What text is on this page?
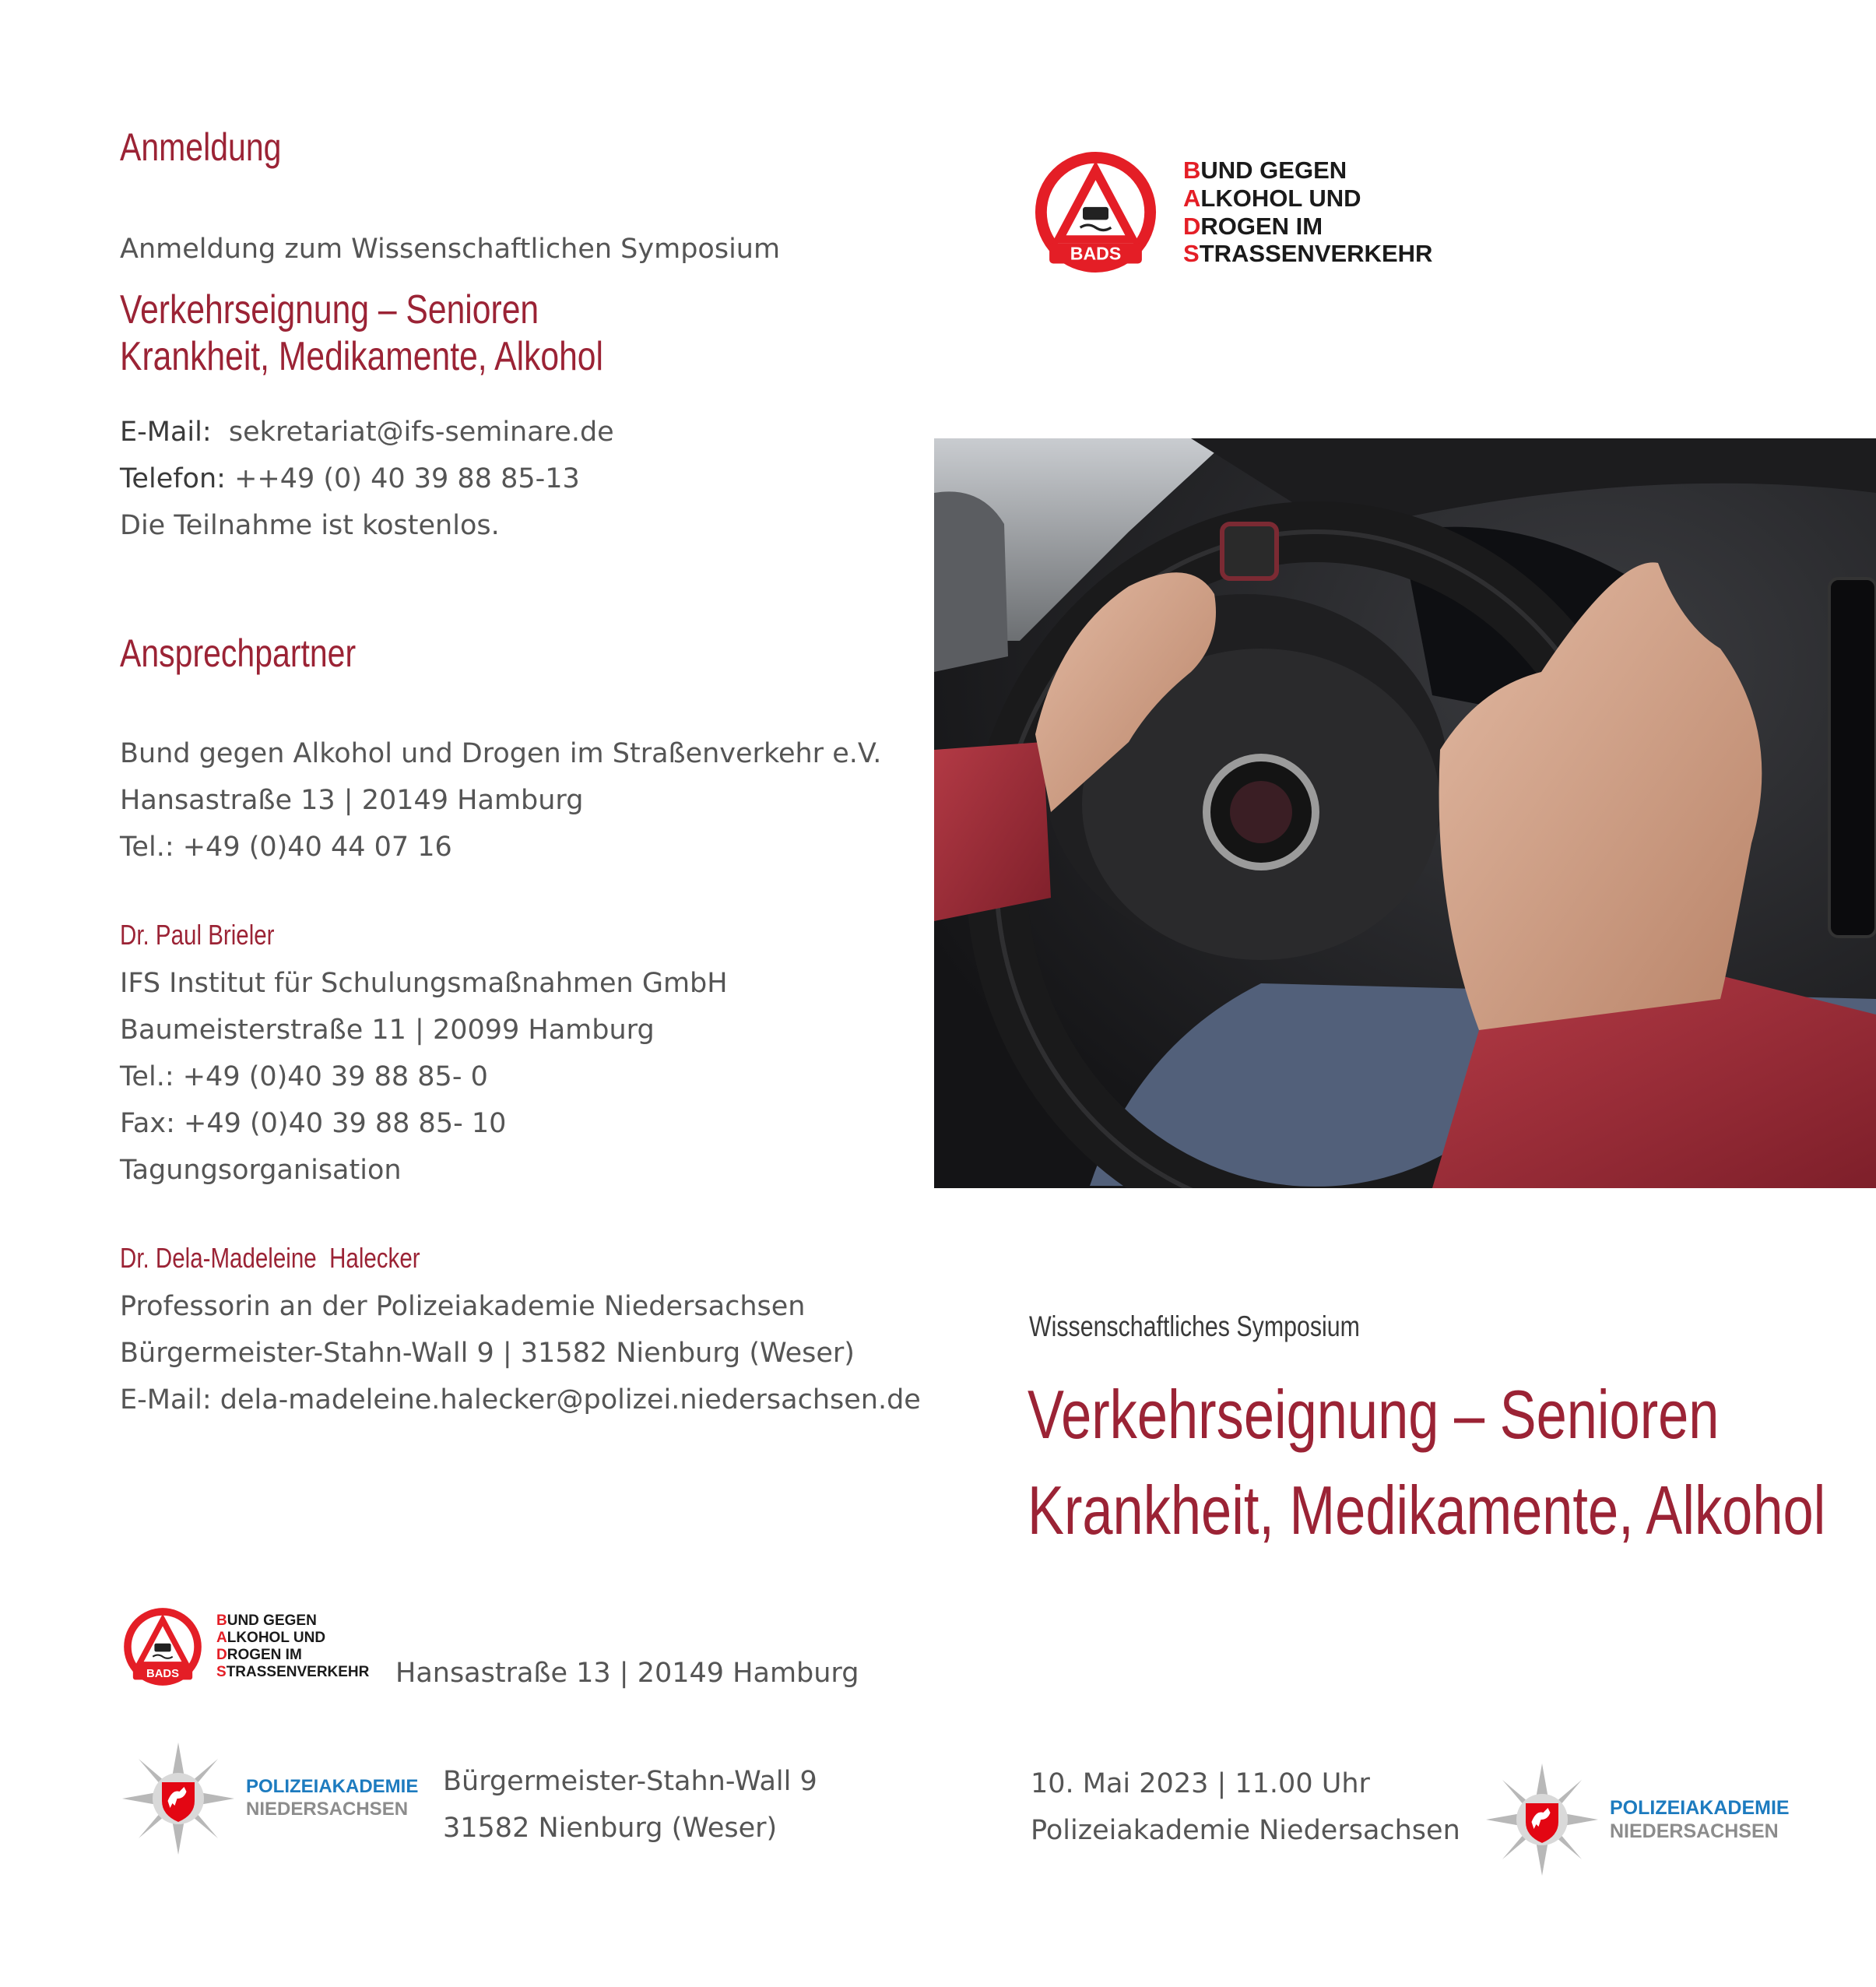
Anmeldung
Anmeldung zum Wissenschaftlichen Symposium
Verkehrseignung – Senioren
Krankheit, Medikamente, Alkohol
E-Mail: sekretariat@ifs-seminare.de
Telefon: ++49 (0) 40 39 88 85-13
Die Teilnahme ist kostenlos.
Ansprechpartner
Bund gegen Alkohol und Drogen im Straßenverkehr e.V.
Hansastraße 13 | 20149 Hamburg
Tel.: +49 (0)40 44 07 16
Dr. Paul Brieler
IFS Institut für Schulungsmaßnahmen GmbH
Baumeisterstraße 11 | 20099 Hamburg
Tel.: +49 (0)40 39 88 85- 0
Fax: +49 (0)40 39 88 85- 10
Tagungsorganisation
Dr. Dela-Madeleine  Halecker
Professorin an der Polizeiakademie Niedersachsen
Bürgermeister-Stahn-Wall 9 | 31582 Nienburg (Weser)
E-Mail: dela-madeleine.halecker@polizei.niedersachsen.de
BADS
BUND GEGEN
ALKOHOL UND
DROGEN IM
STRASSENVERKEHR Hansastraße 13 | 20149 Hamburg
POLIZEIAKADEMIE
NIEDERSACHSEN
Bürgermeister-Stahn-Wall 9
31582 Nienburg (Weser)
BADS
BUND GEGEN
ALKOHOL UND
DROGEN IM
STRASSENVERKEHR
Wissenschaftliches Symposium
Verkehrseignung – Senioren
Krankheit, Medikamente, Alkohol
10. Mai 2023 | 11.00 Uhr
Polizeiakademie Niedersachsen
POLIZEIAKADEMIE
NIEDERSACHSEN
